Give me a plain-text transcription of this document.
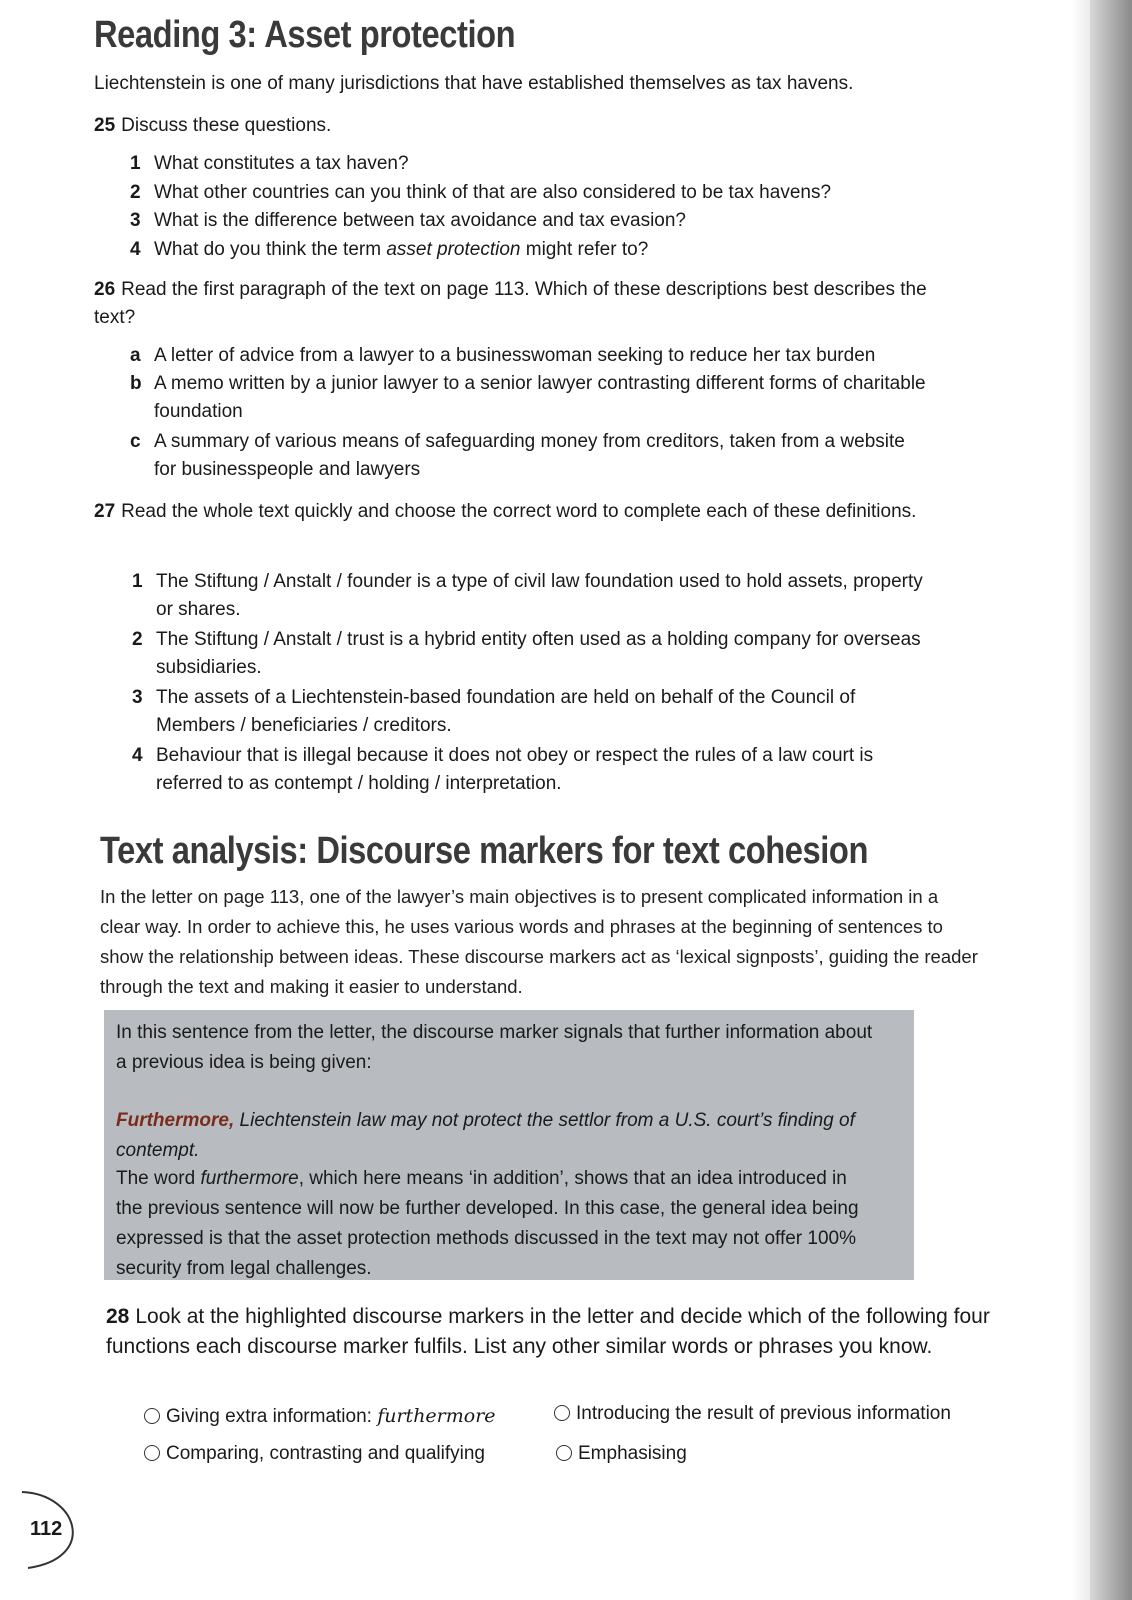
Reading 3: Asset protection
Liechtenstein is one of many jurisdictions that have established themselves as tax havens.
25 Discuss these questions.
1 What constitutes a tax haven?
2 What other countries can you think of that are also considered to be tax havens?
3 What is the difference between tax avoidance and tax evasion?
4 What do you think the term asset protection might refer to?
26 Read the first paragraph of the text on page 113. Which of these descriptions best describes the text?
a A letter of advice from a lawyer to a businesswoman seeking to reduce her tax burden
b A memo written by a junior lawyer to a senior lawyer contrasting different forms of charitable foundation
c A summary of various means of safeguarding money from creditors, taken from a website for businesspeople and lawyers
27 Read the whole text quickly and choose the correct word to complete each of these definitions.
1 The Stiftung / Anstalt / founder is a type of civil law foundation used to hold assets, property or shares.
2 The Stiftung / Anstalt / trust is a hybrid entity often used as a holding company for overseas subsidiaries.
3 The assets of a Liechtenstein-based foundation are held on behalf of the Council of Members / beneficiaries / creditors.
4 Behaviour that is illegal because it does not obey or respect the rules of a law court is referred to as contempt / holding / interpretation.
Text analysis: Discourse markers for text cohesion
In the letter on page 113, one of the lawyer’s main objectives is to present complicated information in a clear way. In order to achieve this, he uses various words and phrases at the beginning of sentences to show the relationship between ideas. These discourse markers act as ‘lexical signposts’, guiding the reader through the text and making it easier to understand.

In this sentence from the letter, the discourse marker signals that further information about a previous idea is being given:

Furthermore, Liechtenstein law may not protect the settlor from a U.S. court’s finding of contempt.

The word furthermore, which here means ‘in addition’, shows that an idea introduced in the previous sentence will now be further developed. In this case, the general idea being expressed is that the asset protection methods discussed in the text may not offer 100% security from legal challenges.

28 Look at the highlighted discourse markers in the letter and decide which of the following four functions each discourse marker fulfils. List any other similar words or phrases you know.
Giving extra information: furthermore	Introducing the result of previous information
Comparing, contrasting and qualifying	Emphasising
112
